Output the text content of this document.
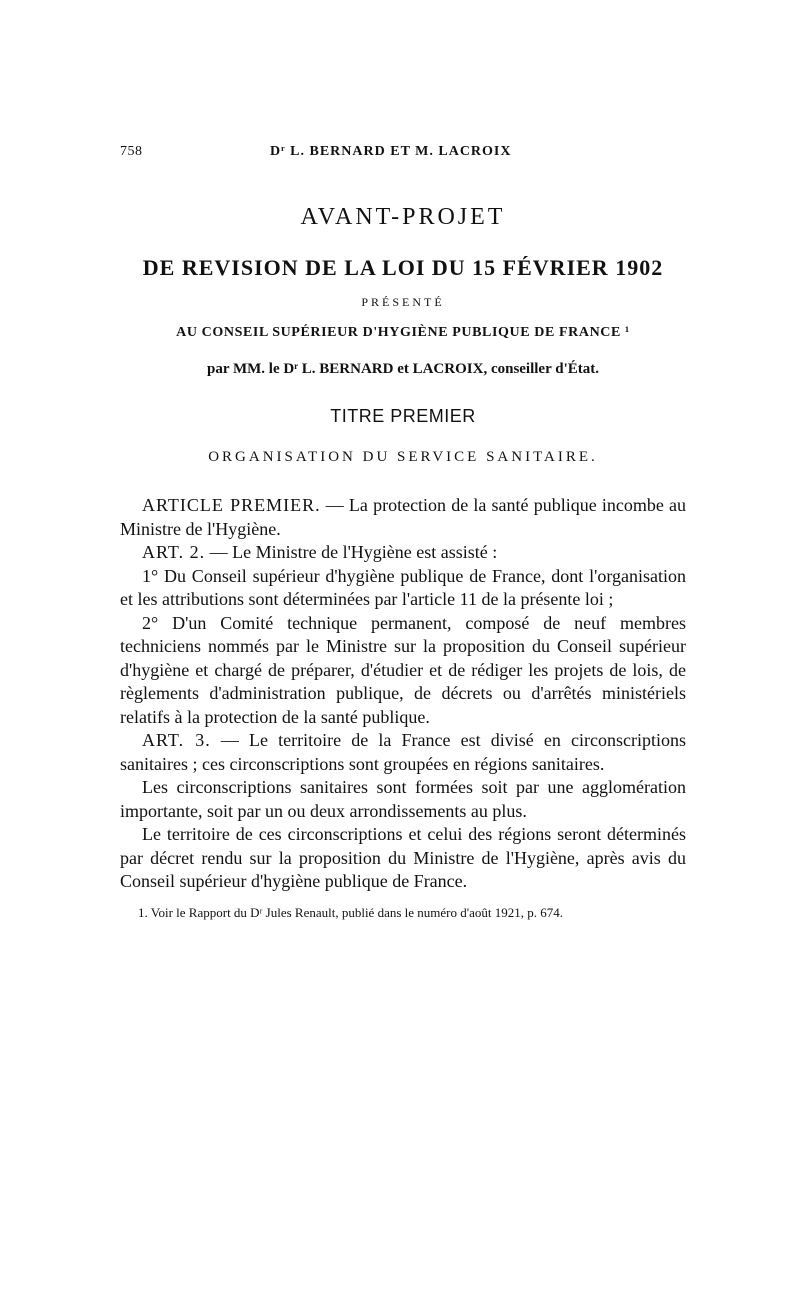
758	Dʳ L. BERNARD ET M. LACROIX
AVANT-PROJET
DE REVISION DE LA LOI DU 15 FÉVRIER 1902
PRÉSENTÉ
AU CONSEIL SUPÉRIEUR D'HYGIÈNE PUBLIQUE DE FRANCE ¹
par MM. le Dʳ L. BERNARD et LACROIX, conseiller d'État.
TITRE PREMIER
ORGANISATION DU SERVICE SANITAIRE.

ARTICLE PREMIER. — La protection de la santé publique incombe au Ministre de l'Hygiène.

ART. 2. — Le Ministre de l'Hygiène est assisté :

1° Du Conseil supérieur d'hygiène publique de France, dont l'organisation et les attributions sont déterminées par l'article 11 de la présente loi ;

2° D'un Comité technique permanent, composé de neuf membres techniciens nommés par le Ministre sur la proposition du Conseil supérieur d'hygiène et chargé de préparer, d'étudier et de rédiger les projets de lois, de règlements d'administration publique, de décrets ou d'arrêtés ministériels relatifs à la protection de la santé publique.

ART. 3. — Le territoire de la France est divisé en circonscriptions sanitaires ; ces circonscriptions sont groupées en régions sanitaires.

Les circonscriptions sanitaires sont formées soit par une agglomération importante, soit par un ou deux arrondissements au plus.

Le territoire de ces circonscriptions et celui des régions seront déterminés par décret rendu sur la proposition du Ministre de l'Hygiène, après avis du Conseil supérieur d'hygiène publique de France.

1. Voir le Rapport du Dʳ Jules Renault, publié dans le numéro d'août 1921, p. 674.
